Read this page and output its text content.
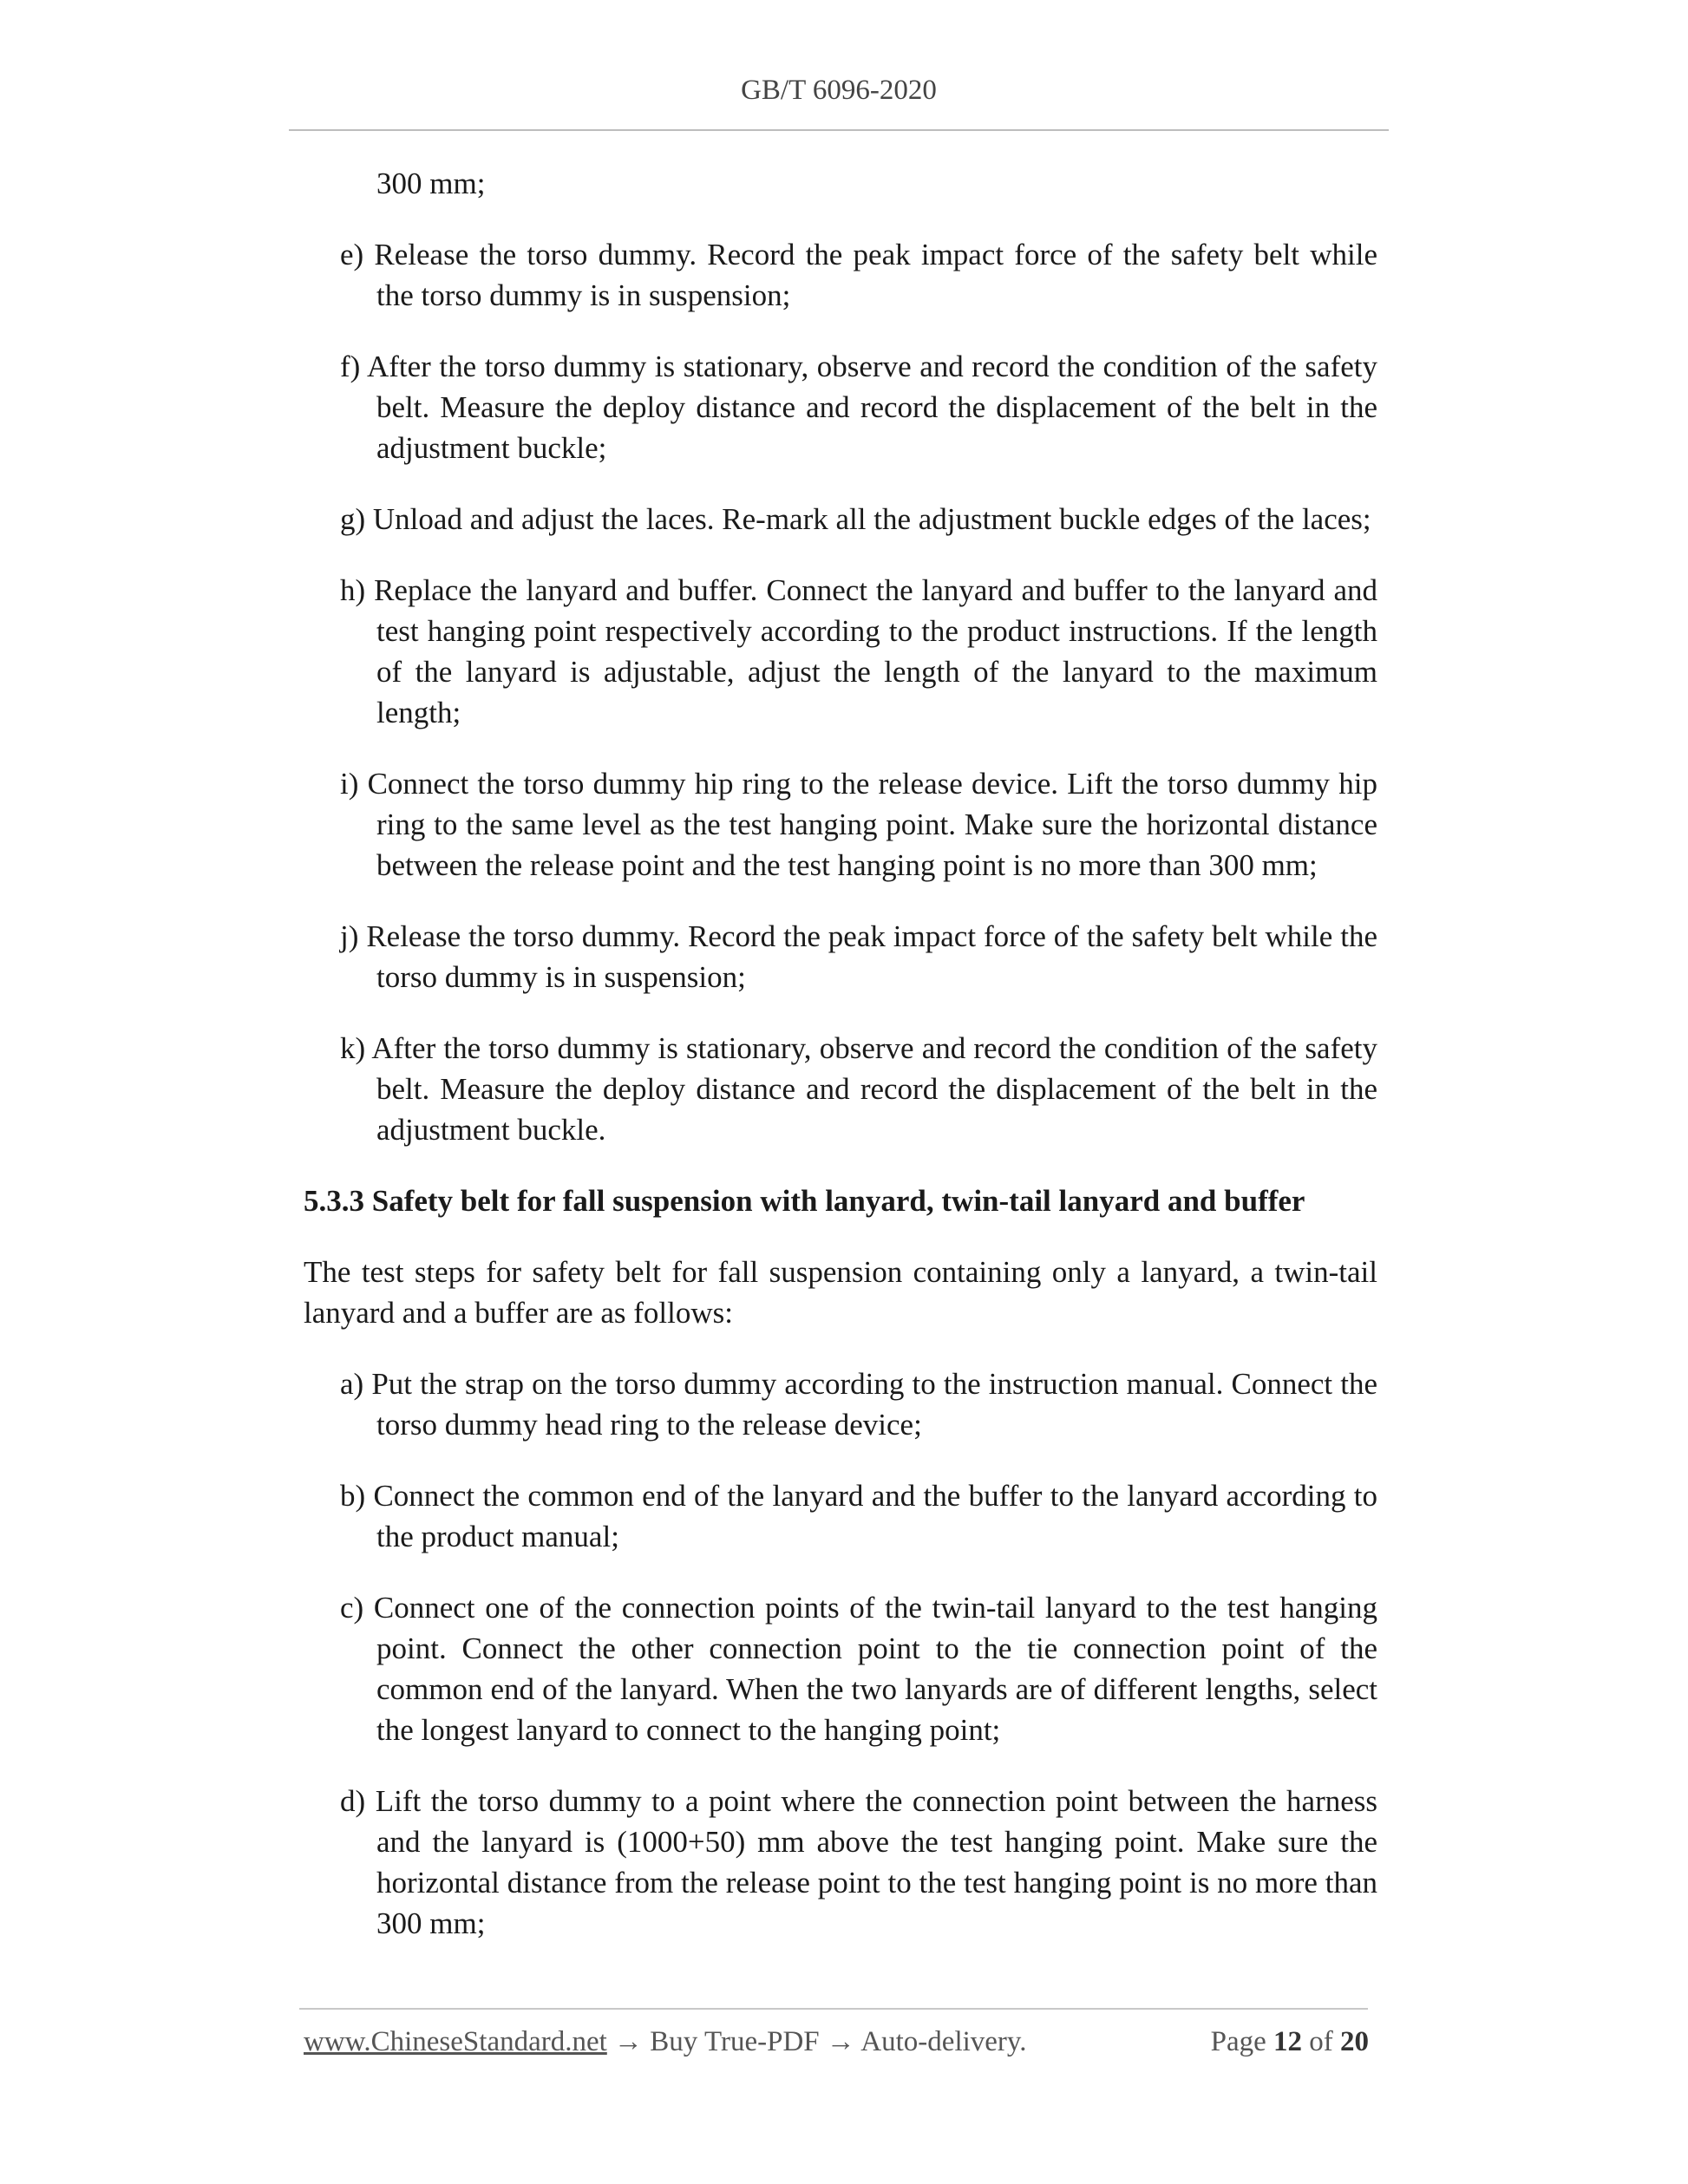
GB/T 6096-2020
300 mm;
e) Release the torso dummy. Record the peak impact force of the safety belt while the torso dummy is in suspension;
f) After the torso dummy is stationary, observe and record the condition of the safety belt. Measure the deploy distance and record the displacement of the belt in the adjustment buckle;
g) Unload and adjust the laces. Re-mark all the adjustment buckle edges of the laces;
h) Replace the lanyard and buffer. Connect the lanyard and buffer to the lanyard and test hanging point respectively according to the product instructions. If the length of the lanyard is adjustable, adjust the length of the lanyard to the maximum length;
i) Connect the torso dummy hip ring to the release device. Lift the torso dummy hip ring to the same level as the test hanging point. Make sure the horizontal distance between the release point and the test hanging point is no more than 300 mm;
j) Release the torso dummy. Record the peak impact force of the safety belt while the torso dummy is in suspension;
k) After the torso dummy is stationary, observe and record the condition of the safety belt. Measure the deploy distance and record the displacement of the belt in the adjustment buckle.
5.3.3 Safety belt for fall suspension with lanyard, twin-tail lanyard and buffer
The test steps for safety belt for fall suspension containing only a lanyard, a twin-tail lanyard and a buffer are as follows:
a) Put the strap on the torso dummy according to the instruction manual. Connect the torso dummy head ring to the release device;
b) Connect the common end of the lanyard and the buffer to the lanyard according to the product manual;
c) Connect one of the connection points of the twin-tail lanyard to the test hanging point. Connect the other connection point to the tie connection point of the common end of the lanyard. When the two lanyards are of different lengths, select the longest lanyard to connect to the hanging point;
d) Lift the torso dummy to a point where the connection point between the harness and the lanyard is (1000+50) mm above the test hanging point. Make sure the horizontal distance from the release point to the test hanging point is no more than 300 mm;
www.ChineseStandard.net → Buy True-PDF → Auto-delivery.	Page 12 of 20
